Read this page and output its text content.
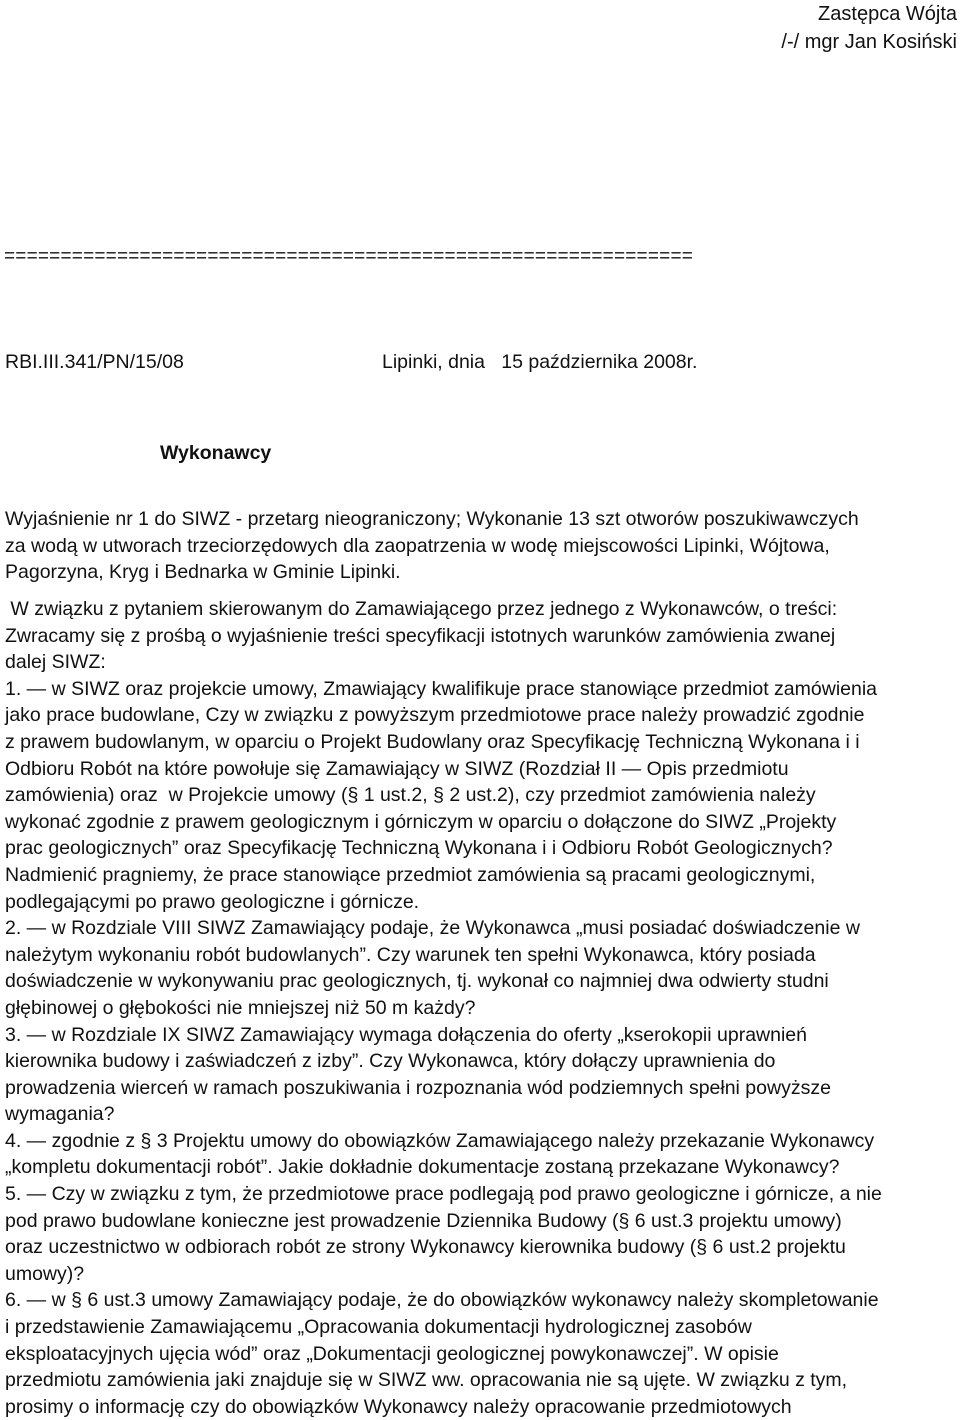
Zastępca Wójta
/-/ mgr Jan Kosiński
=============================================================
RBI.III.341/PN/15/08	Lipinki, dnia   15 października 2008r.
Wykonawcy
Wyjaśnienie nr 1 do SIWZ - przetarg nieograniczony; Wykonanie 13 szt otworów poszukiwawczych
za wodą w utworach trzeciorzędowych dla zaopatrzenia w wodę miejscowości Lipinki, Wójtowa,
Pagorzyna, Kryg i Bednarka w Gminie Lipinki.
W związku z pytaniem skierowanym do Zamawiającego przez jednego z Wykonawców, o treści:
Zwracamy się z prośbą o wyjaśnienie treści specyfikacji istotnych warunków zamówienia zwanej
dalej SIWZ:
1. — w SIWZ oraz projekcie umowy, Zmawiający kwalifikuje prace stanowiące przedmiot zamówienia
jako prace budowlane, Czy w związku z powyższym przedmiotowe prace należy prowadzić zgodnie
z prawem budowlanym, w oparciu o Projekt Budowlany oraz Specyfikację Techniczną Wykonana i i
Odbioru Robót na które powołuje się Zamawiający w SIWZ (Rozdział II — Opis przedmiotu
zamówienia) oraz  w Projekcie umowy (§ 1 ust.2, § 2 ust.2), czy przedmiot zamówienia należy
wykonać zgodnie z prawem geologicznym i górniczym w oparciu o dołączone do SIWZ „Projekty
prac geologicznych” oraz Specyfikację Techniczną Wykonana i i Odbioru Robót Geologicznych?
Nadmienić pragniemy, że prace stanowiące przedmiot zamówienia są pracami geologicznymi,
podlegającymi po prawo geologiczne i górnicze.
2. — w Rozdziale VIII SIWZ Zamawiający podaje, że Wykonawca „musi posiadać doświadczenie w
należytym wykonaniu robót budowlanych”. Czy warunek ten spełni Wykonawca, który posiada
doświadczenie w wykonywaniu prac geologicznych, tj. wykonał co najmniej dwa odwierty studni
głębinowej o głębokości nie mniejszej niż 50 m każdy?
3. — w Rozdziale IX SIWZ Zamawiający wymaga dołączenia do oferty „kserokopii uprawnień
kierownika budowy i zaświadczeń z izby”. Czy Wykonawca, który dołączy uprawnienia do
prowadzenia wierceń w ramach poszukiwania i rozpoznania wód podziemnych spełni powyższe
wymagania?
4. — zgodnie z § 3 Projektu umowy do obowiązków Zamawiającego należy przekazanie Wykonawcy
„kompletu dokumentacji robót”. Jakie dokładnie dokumentacje zostaną przekazane Wykonawcy?
5. — Czy w związku z tym, że przedmiotowe prace podlegają pod prawo geologiczne i górnicze, a nie
pod prawo budowlane konieczne jest prowadzenie Dziennika Budowy (§ 6 ust.3 projektu umowy)
oraz uczestnictwo w odbiorach robót ze strony Wykonawcy kierownika budowy (§ 6 ust.2 projektu
umowy)?
6. — w § 6 ust.3 umowy Zamawiający podaje, że do obowiązków wykonawcy należy skompletowanie
i przedstawienie Zamawiającemu „Opracowania dokumentacji hydrologicznej zasobów
eksploatacyjnych ujęcia wód” oraz „Dokumentacji geologicznej powykonawczej”. W opisie
przedmiotu zamówienia jaki znajduje się w SIWZ ww. opracowania nie są ujęte. W związku z tym,
prosimy o informację czy do obowiązków Wykonawcy należy opracowanie przedmiotowych
